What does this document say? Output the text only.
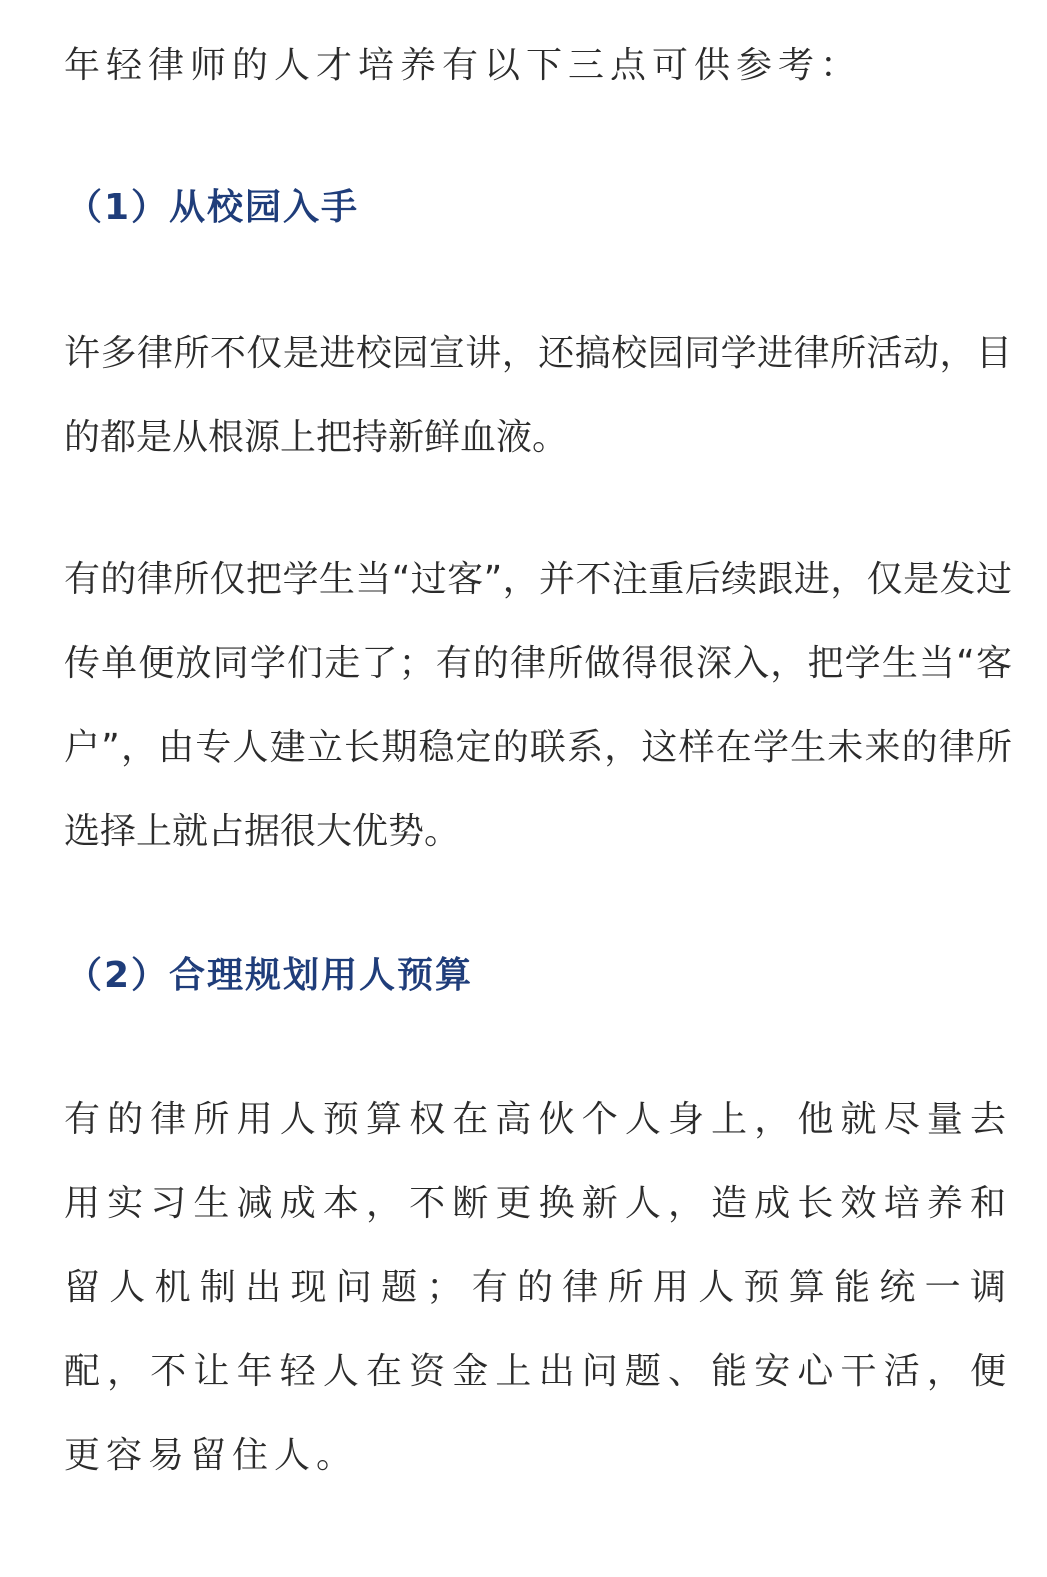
年轻律师的人才培养有以下三点可供参考：

（1）从校园入手

许多律所不仅是进校园宣讲，还搞校园同学进律所活动，目的都是从根源上把持新鲜血液。

有的律所仅把学生当“过客”，并不注重后续跟进，仅是发过传单便放同学们走了；有的律所做得很深入，把学生当“客户”，由专人建立长期稳定的联系，这样在学生未来的律所选择上就占据很大优势。

（2）合理规划用人预算

有的律所用人预算权在高伙个人身上，他就尽量去用实习生减成本，不断更换新人，造成长效培养和留人机制出现问题；有的律所用人预算能统一调配，不让年轻人在资金上出问题、能安心干活，便更容易留住人。
